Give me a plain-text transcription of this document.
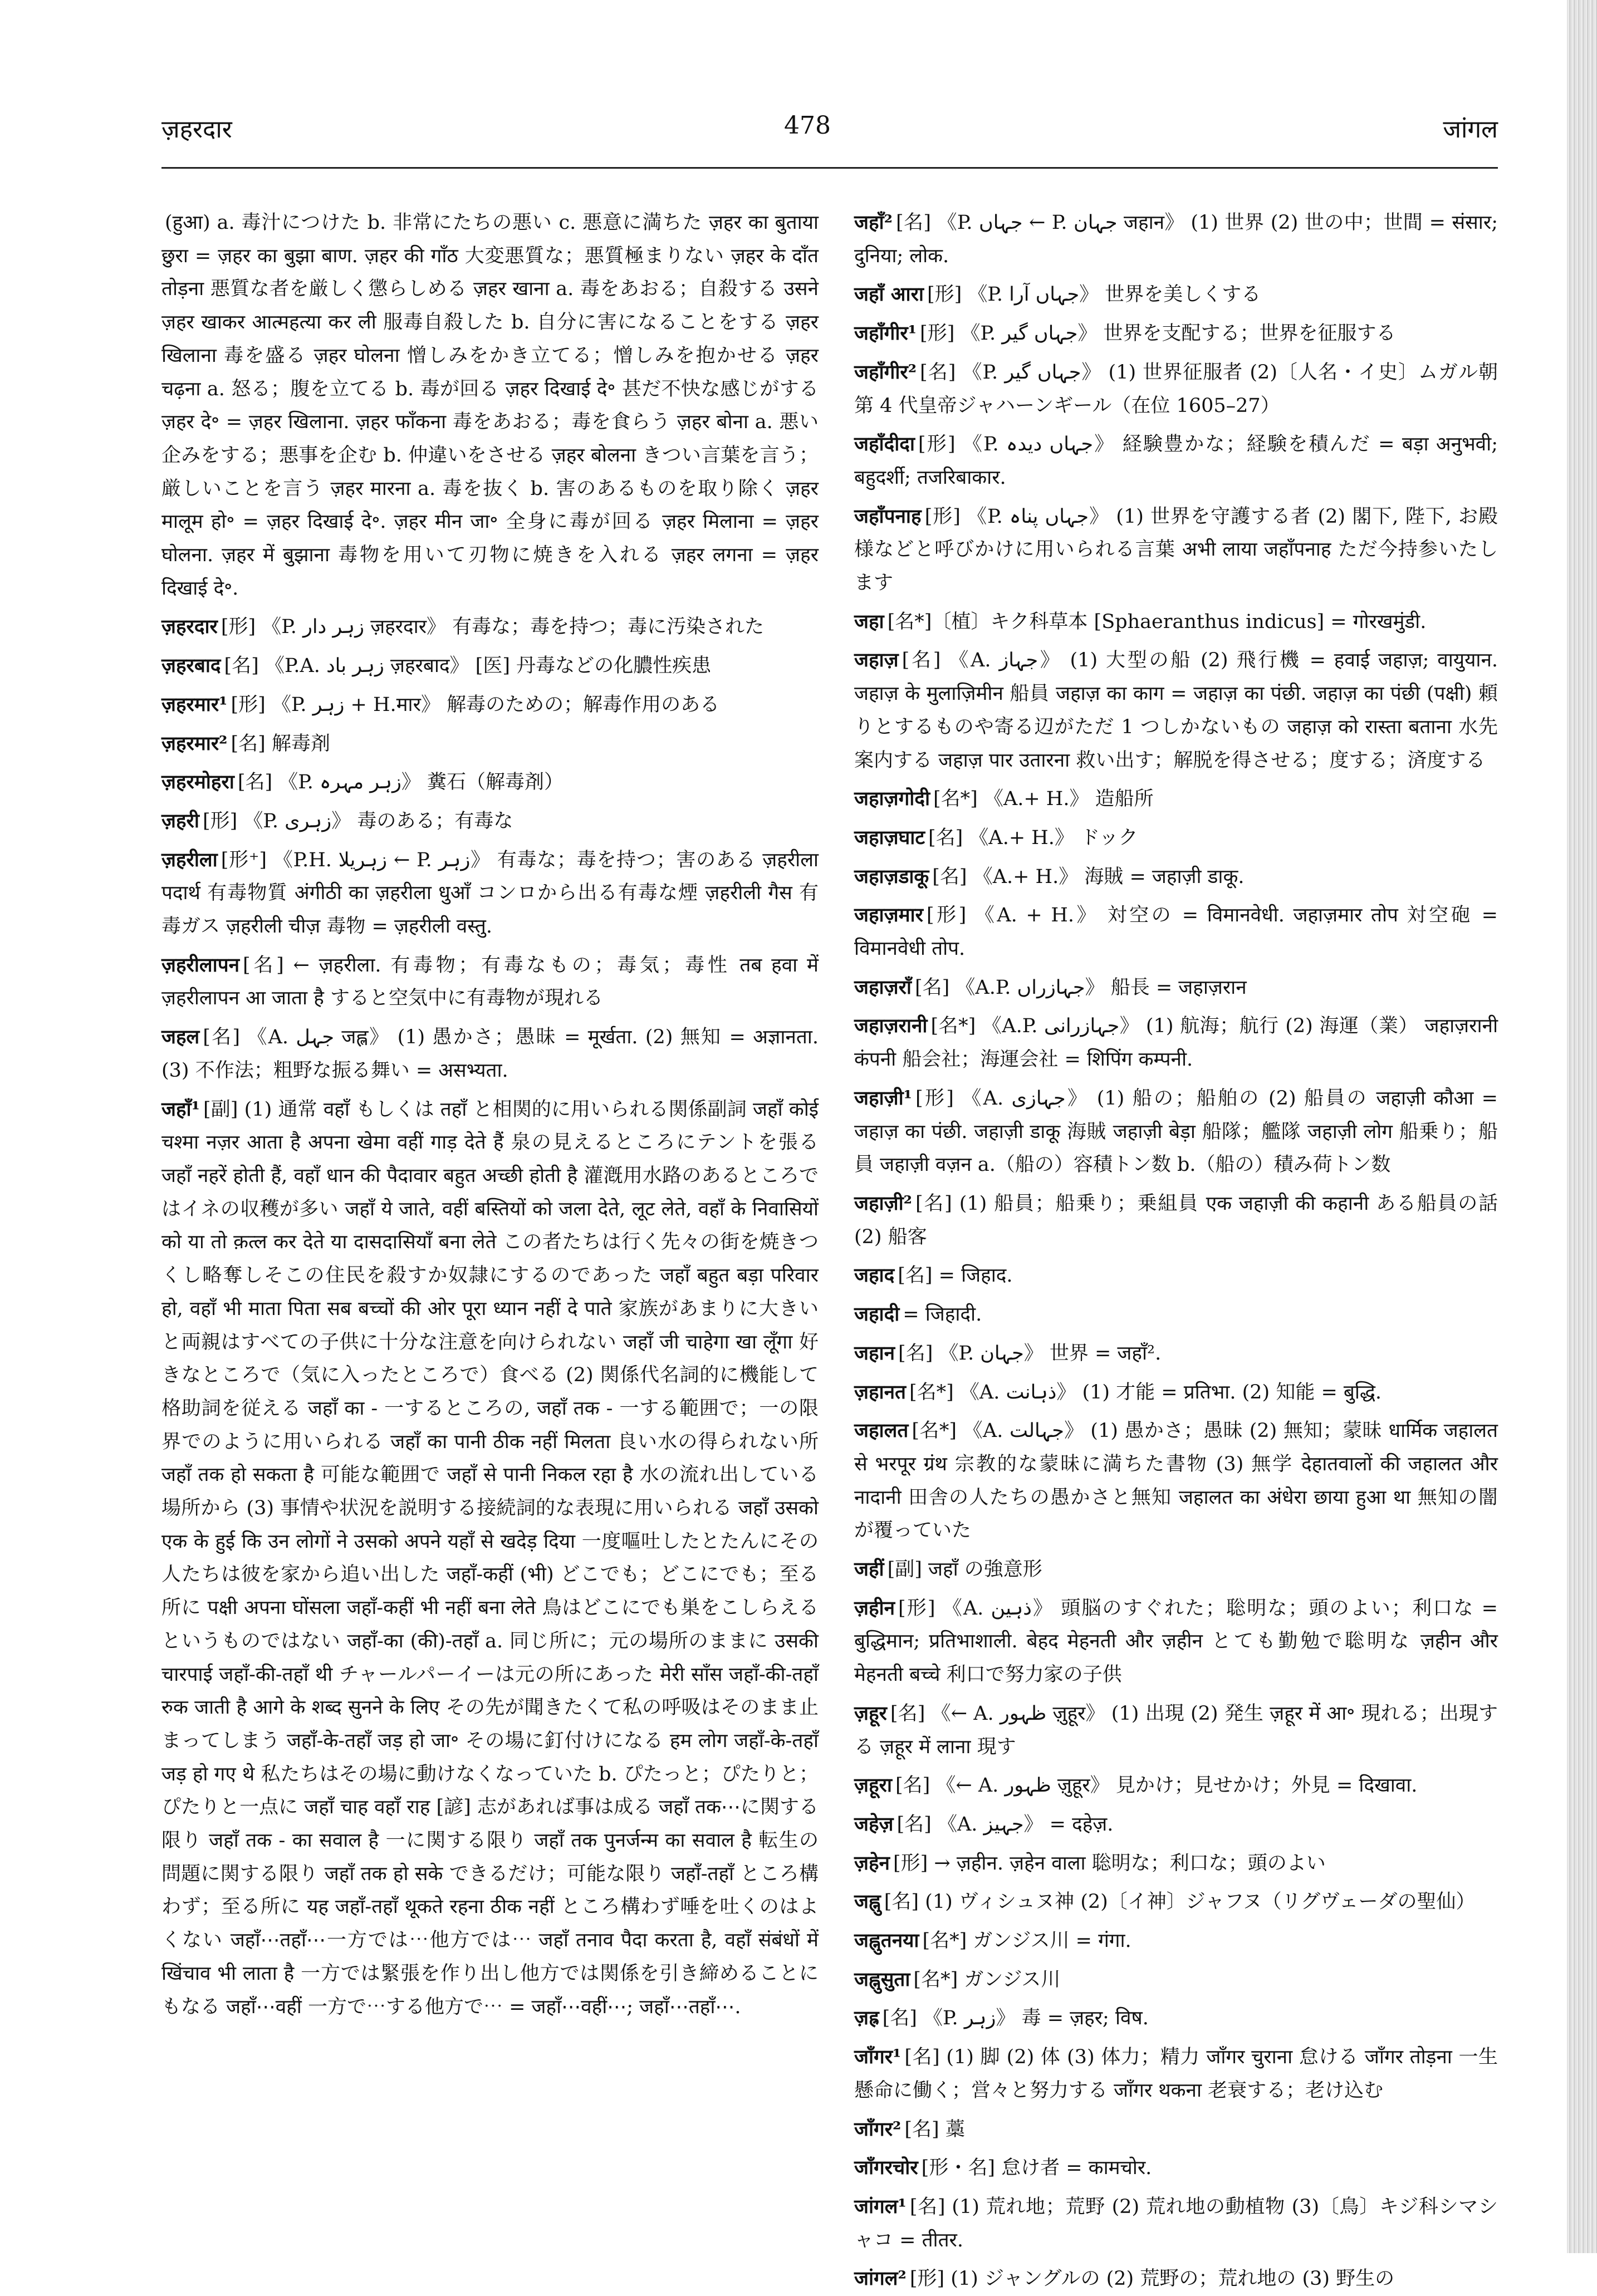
ज़हरदार	478	जांगल
(हुआ) a. 毒汁につけた b. 非常にたちの悪い c. 悪意に満ちた ज़हर का बुताया छुरा = ज़हर का बुझा बाण. ज़हर की गाँठ 大変悪質な；悪質極まりない ज़हर के दाँत तोड़ना 悪質な者を厳しく懲らしめる ज़हर खाना a. 毒をあおる；自殺する उसने ज़हर खाकर आत्महत्या कर ली 服毒自殺した b. 自分に害になることをする ज़हर खिलाना 毒を盛る ज़हर घोलना 憎しみをかき立てる；憎しみを抱かせる ज़हर चढ़ना a. 怒る；腹を立てる b. 毒が回る ज़हर दिखाई दे॰ 甚だ不快な感じがする ज़हर दे॰ = ज़हर खिलाना. ज़हर फाँकना 毒をあおる；毒を食らう ज़हर बोना a. 悪い企みをする；悪事を企む b. 仲違いをさせる ज़हर बोलना きつい言葉を言う；厳しいことを言う ज़हर मारना a. 毒を抜く b. 害のあるものを取り除く ज़हर मालूम हो॰ = ज़हर दिखाई दे॰. ज़हर मीन जा॰ 全身に毒が回る ज़हर मिलाना = ज़हर घोलना. ज़हर में बुझाना 毒物を用いて刃物に焼きを入れる ज़हर लगना = ज़हर दिखाई दे॰.
ज़हरदार [形] 《P. زہر دار ज़हरदार》 有毒な；毒を持つ；毒に汚染された
ज़हरबाद [名] 《P.A. زہر باد ज़हरबाद》 [医] 丹毒などの化膿性疾患
ज़हरमार¹ [形] 《P. زہر + H.मार》 解毒のための；解毒作用のある
ज़हरमार² [名] 解毒剤
ज़हरमोहरा [名] 《P. زہر مہرہ》 糞石（解毒剤）
ज़हरी [形] 《P. زہری》 毒のある；有毒な
ज़हरीला [形⁺] 《P.H. زہریلا ← P. زہر》 有毒な；毒を持つ；害のある ज़हरीला पदार्थ 有毒物質 अंगीठी का ज़हरीला धुआँ コンロから出る有毒な煙 ज़हरीली गैस 有毒ガス ज़हरीली चीज़ 毒物 = ज़हरीली वस्तु.
ज़हरीलापन [名] ← ज़हरीला. 有毒物；有毒なもの；毒気；毒性 तब हवा में ज़हरीलापन आ जाता है すると空気中に有毒物が現れる
जहल [名] 《A. جہل जह्ल》 (1) 愚かさ；愚昧 = मूर्खता. (2) 無知 = अज्ञानता. (3) 不作法；粗野な振る舞い = असभ्यता.
जहाँ¹ [副] (1) 通常 वहाँ もしくは तहाँ と相関的に用いられる関係副詞 जहाँ कोई चश्मा नज़र आता है अपना खेमा वहीं गाड़ देते हैं 泉の見えるところにテントを張る जहाँ नहरें होती हैं, वहाँ धान की पैदावार बहुत अच्छी होती है 灌漑用水路のあるところではイネの収穫が多い जहाँ ये जाते, वहीं बस्तियों को जला देते, लूट लेते, वहाँ के निवासियों को या तो क़त्ल कर देते या दासदासियाँ बना लेते この者たちは行く先々の街を焼きつくし略奪しそこの住民を殺すか奴隷にするのであった जहाँ बहुत बड़ा परिवार हो, वहाँ भी माता पिता सब बच्चों की ओर पूरा ध्यान नहीं दे पाते 家族があまりに大きいと両親はすべての子供に十分な注意を向けられない जहाँ जी चाहेगा खा लूँगा 好きなところで（気に入ったところで）食べる (2) 関係代名詞的に機能して格助詞を従える जहाँ का - 一するところの, जहाँ तक - 一する範囲で；一の限界でのように用いられる जहाँ का पानी ठीक नहीं मिलता 良い水の得られない所 जहाँ तक हो सकता है 可能な範囲で जहाँ से पानी निकल रहा है 水の流れ出している場所から (3) 事情や状況を説明する接続詞的な表現に用いられる जहाँ उसको एक के हुई कि उन लोगों ने उसको अपने यहाँ से खदेड़ दिया 一度嘔吐したとたんにその人たちは彼を家から追い出した जहाँ-कहीं (भी) どこでも；どこにでも；至る所に पक्षी अपना घोंसला जहाँ-कहीं भी नहीं बना लेते 鳥はどこにでも巣をこしらえるというものではない जहाँ-का (की)-तहाँ a. 同じ所に；元の場所のままに उसकी चारपाई जहाँ-की-तहाँ थी チャールパーイーは元の所にあった मेरी साँस जहाँ-की-तहाँ रुक जाती है आगे के शब्द सुनने के लिए その先が聞きたくて私の呼吸はそのまま止まってしまう जहाँ-के-तहाँ जड़ हो जा॰ その場に釘付けになる हम लोग जहाँ-के-तहाँ जड़ हो गए थे 私たちはその場に動けなくなっていた b. ぴたっと；ぴたりと；ぴたりと一点に जहाँ चाह वहाँ राह [諺] 志があれば事は成る जहाँ तक⋯に関する限り जहाँ तक - का सवाल है 一に関する限り जहाँ तक पुनर्जन्म का सवाल है 転生の問題に関する限り जहाँ तक हो सके できるだけ；可能な限り जहाँ-तहाँ ところ構わず；至る所に यह जहाँ-तहाँ थूकते रहना ठीक नहीं ところ構わず唾を吐くのはよくない जहाँ⋯तहाँ⋯一方では⋯他方では⋯ जहाँ तनाव पैदा करता है, वहाँ संबंधों में खिंचाव भी लाता है 一方では緊張を作り出し他方では関係を引き締めることにもなる जहाँ⋯वहीं 一方で⋯する他方で⋯ = जहाँ⋯वहीं⋯; जहाँ⋯तहाँ⋯.
जहाँ² [名] 《P. جہاں ← P. جہان जहान》 (1) 世界 (2) 世の中；世間 = संसार; दुनिया; लोक.
जहाँ आरा [形] 《P. جہاں آرا》 世界を美しくする
जहाँगीर¹ [形] 《P. جہاں گیر》 世界を支配する；世界を征服する
जहाँगीर² [名] 《P. جہاں گیر》 (1) 世界征服者 (2)〔人名・イ史〕ムガル朝第 4 代皇帝ジャハーンギール（在位 1605–27）
जहाँदीदा [形] 《P. جہاں دیدہ》 経験豊かな；経験を積んだ = बड़ा अनुभवी; बहुदर्शी; तजरिबाकार.
जहाँपनाह [形] 《P. جہاں پناہ》 (1) 世界を守護する者 (2) 閣下, 陛下, お殿様などと呼びかけに用いられる言葉 अभी लाया जहाँपनाह ただ今持参いたします
जहा [名*]〔植〕キク科草本 [Sphaeranthus indicus] = गोरखमुंडी.
जहाज़ [名] 《A. جہاز》 (1) 大型の船 (2) 飛行機 = हवाई जहाज़; वायुयान. जहाज़ के मुलाज़िमीन 船員 जहाज़ का काग = जहाज़ का पंछी. जहाज़ का पंछी (पक्षी) 頼りとするものや寄る辺がただ 1 つしかないもの जहाज़ को रास्ता बताना 水先案内する जहाज़ पार उतारना 救い出す；解脱を得させる；度する；済度する
जहाज़गोदी [名*] 《A.+ H.》 造船所
जहाज़घाट [名] 《A.+ H.》 ドック
जहाज़डाकू [名] 《A.+ H.》 海賊 = जहाज़ी डाकू.
जहाज़मार [形] 《A. + H.》 対空の = विमानवेधी. जहाज़मार तोप 対空砲 = विमानवेधी तोप.
जहाज़राँ [名] 《A.P. جہازراں》 船長 = जहाज़रान
जहाज़रानी [名*] 《A.P. جہازرانی》 (1) 航海；航行 (2) 海運（業） जहाज़रानी कंपनी 船会社；海運会社 = शिपिंग कम्पनी.
जहाज़ी¹ [形] 《A. جہازی》 (1) 船の；船舶の (2) 船員の जहाज़ी कौआ = जहाज़ का पंछी. जहाज़ी डाकू 海賊 जहाज़ी बेड़ा 船隊；艦隊 जहाज़ी लोग 船乗り；船員 जहाज़ी वज़न a.（船の）容積トン数 b.（船の）積み荷トン数
जहाज़ी² [名] (1) 船員；船乗り；乗組員 एक जहाज़ी की कहानी ある船員の話 (2) 船客
जहाद [名] = जिहाद.
जहादी = जिहादी.
जहान [名] 《P. جہان》 世界 = जहाँ².
ज़हानत [名*] 《A. ذہانت》 (1) 才能 = प्रतिभा. (2) 知能 = बुद्धि.
जहालत [名*] 《A. جہالت》 (1) 愚かさ；愚昧 (2) 無知；蒙昧 धार्मिक जहालत से भरपूर ग्रंथ 宗教的な蒙昧に満ちた書物 (3) 無学 देहातवालों की जहालत और नादानी 田舎の人たちの愚かさと無知 जहालत का अंधेरा छाया हुआ था 無知の闇が覆っていた
जहीं [副] जहाँ の強意形
ज़हीन [形] 《A. ذہین》 頭脳のすぐれた；聡明な；頭のよい；利口な = बुद्धिमान; प्रतिभाशाली. बेहद मेहनती और ज़हीन とても勤勉で聡明な ज़हीन और मेहनती बच्चे 利口で努力家の子供
ज़हूर [名] 《← A. ظہور ज़ुहूर》 (1) 出現 (2) 発生 ज़हूर में आ॰ 現れる；出現する ज़हूर में लाना 現す
ज़हूरा [名] 《← A. ظہور ज़ुहूर》 見かけ；見せかけ；外見 = दिखावा.
जहेज़ [名] 《A. جہیز》 = दहेज़.
ज़हेन [形] → ज़हीन. ज़हेन वाला 聡明な；利口な；頭のよい
जह्नु [名] (1) ヴィシュヌ神 (2)〔イ神〕ジャフヌ（リグヴェーダの聖仙）
जह्नुतनया [名*] ガンジス川 = गंगा.
जह्नुसुता [名*] ガンジス川
ज़ह्र [名] 《P. زہر》 毒 = ज़हर; विष.
जाँगर¹ [名] (1) 脚 (2) 体 (3) 体力；精力 जाँगर चुराना 怠ける जाँगर तोड़ना 一生懸命に働く；営々と努力する जाँगर थकना 老衰する；老け込む
जाँगर² [名] 藁
जाँगरचोर [形・名] 怠け者 = कामचोर.
जांगल¹ [名] (1) 荒れ地；荒野 (2) 荒れ地の動植物 (3)〔鳥〕キジ科シマシャコ = तीतर.
जांगल² [形] (1) ジャングルの (2) 荒野の；荒れ地の (3) 野生の
